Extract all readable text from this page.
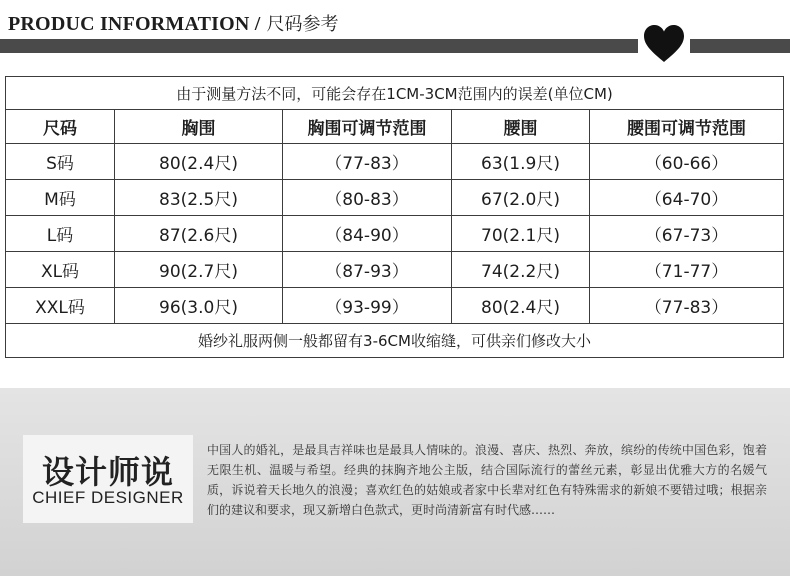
PRODUC INFORMATION / 尺码参考
由于测量方法不同，可能会存在1CM-3CM范围内的误差(单位CM)				
尺码	胸围	胸围可调节范围	腰围	腰围可调节范围
S码	80(2.4尺)	（77-83）	63(1.9尺)	（60-66）
M码	83(2.5尺)	（80-83）	67(2.0尺)	（64-70）
L码	87(2.6尺)	（84-90）	70(2.1尺)	（67-73）
XL码	90(2.7尺)	（87-93）	74(2.2尺)	（71-77）
XXL码	96(3.0尺)	（93-99）	80(2.4尺)	（77-83）
婚纱礼服两侧一般都留有3-6CM收缩缝，可供亲们修改大小				
设计师说
CHIEF DESIGNER
中国人的婚礼，是最具吉祥味也是最具人情味的。浪漫、喜庆、热烈、奔放，缤纷的传统中国色彩，饱着无限生机、温暖与希望。经典的抹胸齐地公主版，结合国际流行的蕾丝元素，彰显出优雅大方的名媛气质，诉说着天长地久的浪漫；喜欢红色的姑娘或者家中长辈对红色有特殊需求的新娘不要错过哦；根据亲们的建议和要求，现又新增白色款式，更时尚清新富有时代感……
